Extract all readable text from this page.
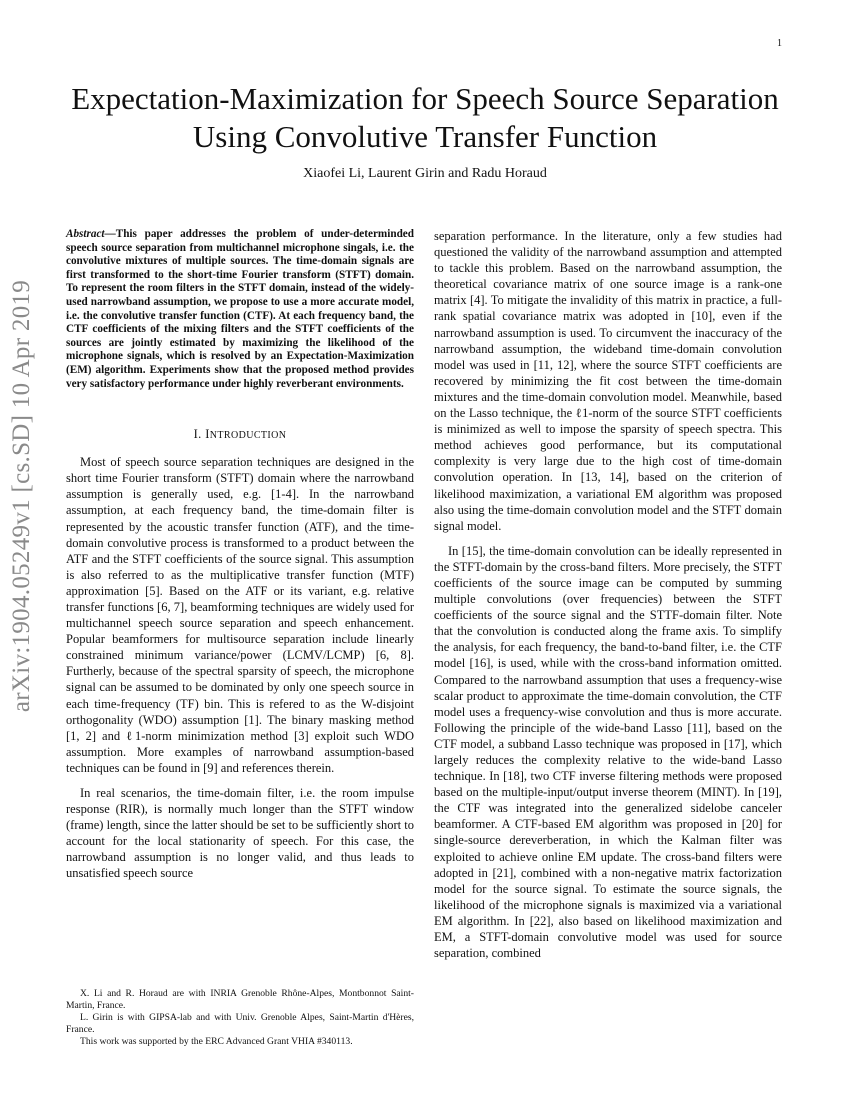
1
arXiv:1904.05249v1 [cs.SD] 10 Apr 2019
Expectation-Maximization for Speech Source Separation Using Convolutive Transfer Function
Xiaofei Li, Laurent Girin and Radu Horaud

Abstract—This paper addresses the problem of under-determinded speech source separation from multichannel microphone singals, i.e. the convolutive mixtures of multiple sources. The time-domain signals are first transformed to the short-time Fourier transform (STFT) domain. To represent the room filters in the STFT domain, instead of the widely-used narrowband assumption, we propose to use a more accurate model, i.e. the convolutive transfer function (CTF). At each frequency band, the CTF coefficients of the mixing filters and the STFT coefficients of the sources are jointly estimated by maximizing the likelihood of the microphone signals, which is resolved by an Expectation-Maximization (EM) algorithm. Experiments show that the proposed method provides very satisfactory performance under highly reverberant environments.

I. INTRODUCTION

Most of speech source separation techniques are designed in the short time Fourier transform (STFT) domain where the narrowband assumption is generally used, e.g. [1-4]. In the narrowband assumption, at each frequency band, the time-domain filter is represented by the acoustic transfer function (ATF), and the time-domain convolutive process is transformed to a product between the ATF and the STFT coefficients of the source signal. This assumption is also referred to as the multiplicative transfer function (MTF) approximation [5]. Based on the ATF or its variant, e.g. relative transfer functions [6, 7], beamforming techniques are widely used for multichannel speech source separation and speech enhancement. Popular beamformers for multisource separation include linearly constrained minimum variance/power (LCMV/LCMP) [6, 8]. Furtherly, because of the spectral sparsity of speech, the microphone signal can be assumed to be dominated by only one speech source in each time-frequency (TF) bin. This is refered to as the W-disjoint orthogonality (WDO) assumption [1]. The binary masking method [1, 2] and ℓ1-norm minimization method [3] exploit such WDO assumption. More examples of narrowband assumption-based techniques can be found in [9] and references therein.

In real scenarios, the time-domain filter, i.e. the room impulse response (RIR), is normally much longer than the STFT window (frame) length, since the latter should be set to be sufficiently short to account for the local stationarity of speech. For this case, the narrowband assumption is no longer valid, and thus leads to unsatisfied speech source

X. Li and R. Horaud are with INRIA Grenoble Rhône-Alpes, Montbonnot Saint-Martin, France.

L. Girin is with GIPSA-lab and with Univ. Grenoble Alpes, Saint-Martin d'Hères, France.

This work was supported by the ERC Advanced Grant VHIA #340113.

separation performance. In the literature, only a few studies had questioned the validity of the narrowband assumption and attempted to tackle this problem. Based on the narrowband assumption, the theoretical covariance matrix of one source image is a rank-one matrix [4]. To mitigate the invalidity of this matrix in practice, a full-rank spatial covariance matrix was adopted in [10], even if the narrowband assumption is used. To circumvent the inaccuracy of the narrowband assumption, the wideband time-domain convolution model was used in [11, 12], where the source STFT coefficients are recovered by minimizing the fit cost between the time-domain mixtures and the time-domain convolution model. Meanwhile, based on the Lasso technique, the ℓ1-norm of the source STFT coefficients is minimized as well to impose the sparsity of speech spectra. This method achieves good performance, but its computational complexity is very large due to the high cost of time-domain convolution operation. In [13, 14], based on the criterion of likelihood maximization, a variational EM algorithm was proposed also using the time-domain convolution model and the STFT domain signal model.

In [15], the time-domain convolution can be ideally represented in the STFT-domain by the cross-band filters. More precisely, the STFT coefficients of the source image can be computed by summing multiple convolutions (over frequencies) between the STFT coefficients of the source signal and the STTF-domain filter. Note that the convolution is conducted along the frame axis. To simplify the analysis, for each frequency, the band-to-band filter, i.e. the CTF model [16], is used, while with the cross-band information omitted. Compared to the narrowband assumption that uses a frequency-wise scalar product to approximate the time-domain convolution, the CTF model uses a frequency-wise convolution and thus is more accurate. Following the principle of the wide-band Lasso [11], based on the CTF model, a subband Lasso technique was proposed in [17], which largely reduces the complexity relative to the wide-band Lasso technique. In [18], two CTF inverse filtering methods were proposed based on the multiple-input/output inverse theorem (MINT). In [19], the CTF was integrated into the generalized sidelobe canceler beamformer. A CTF-based EM algorithm was proposed in [20] for single-source dereverberation, in which the Kalman filter was exploited to achieve online EM update. The cross-band filters were adopted in [21], combined with a non-negative matrix factorization model for the source signal. To estimate the source signals, the likelihood of the microphone signals is maximized via a variational EM algorithm. In [22], also based on likelihood maximization and EM, a STFT-domain convolutive model was used for source separation, combined
